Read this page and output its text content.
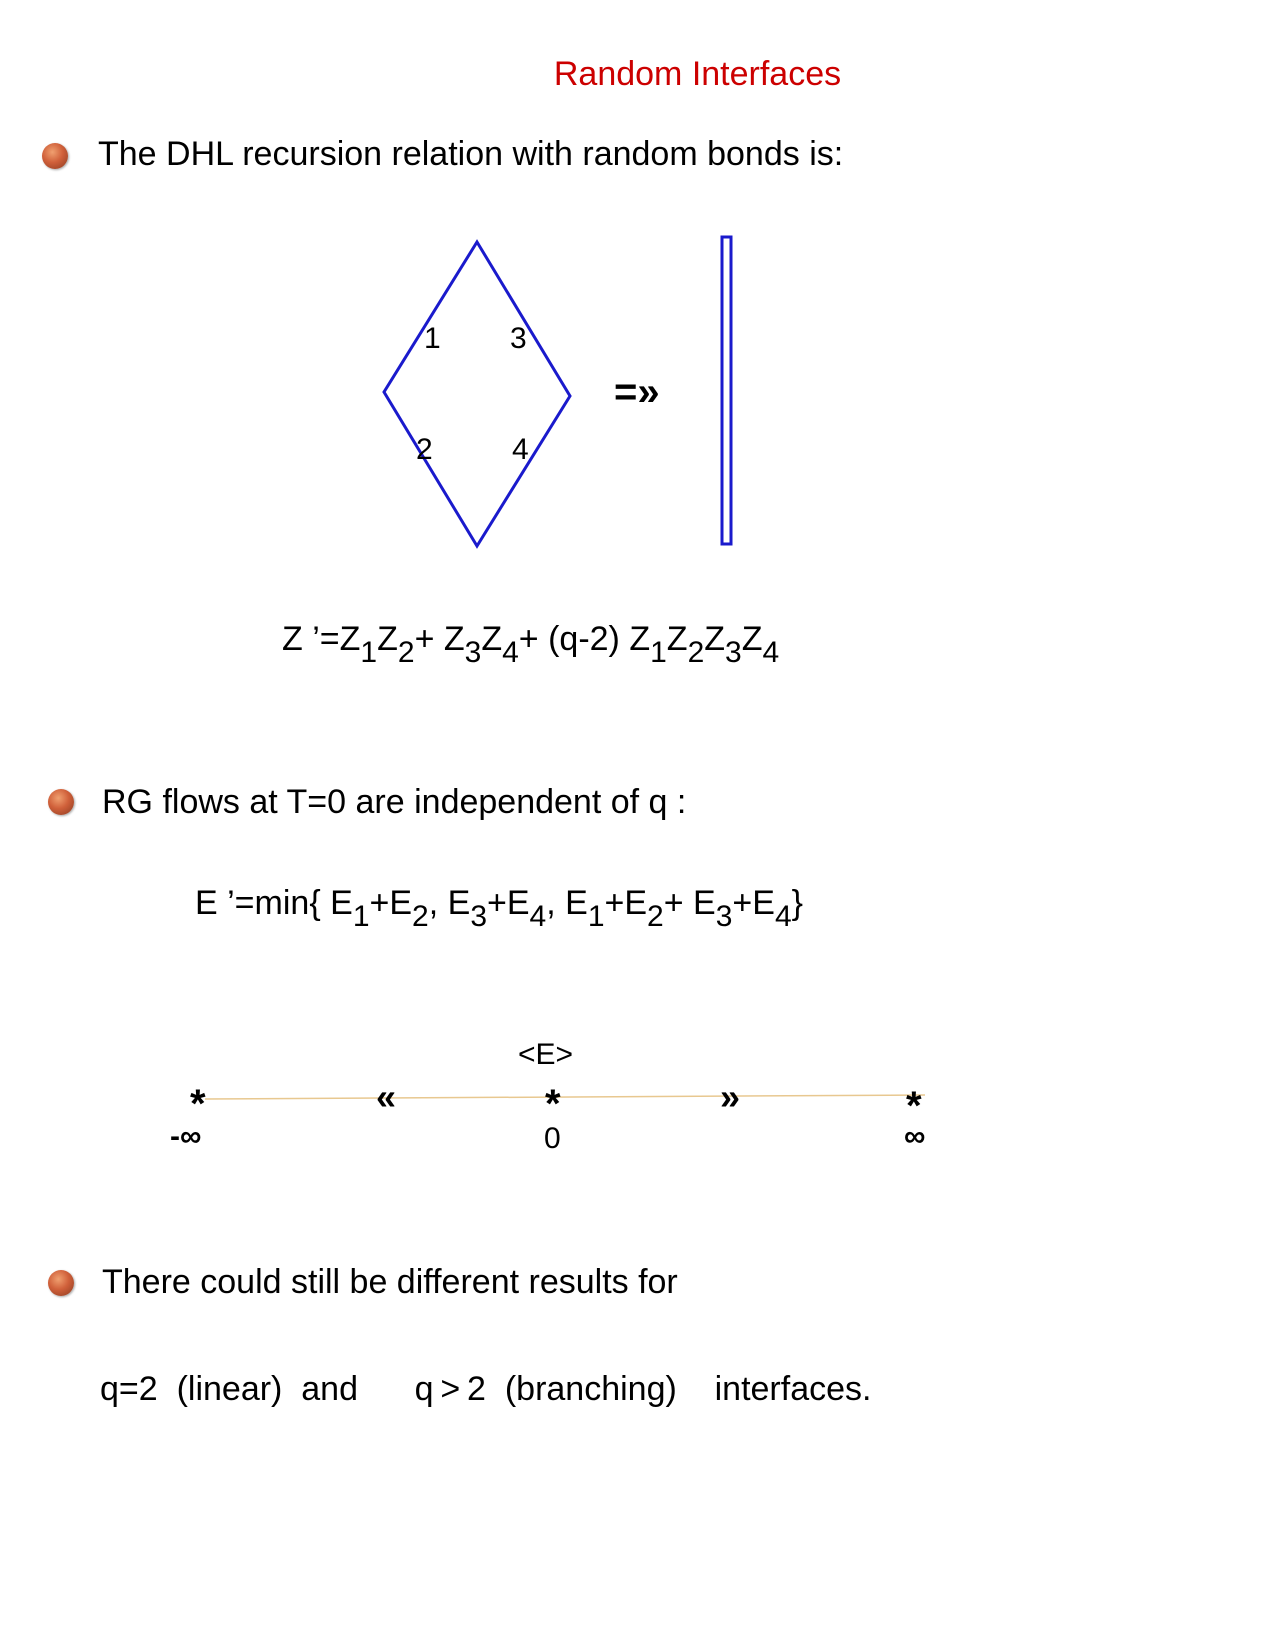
Random Interfaces
The DHL recursion relation with random bonds is:
1 3
2	4
=»
Z $’=Z_1Z_2+ Z_3Z_4+ (q-2)$ $Z_1Z_2Z_3Z_4$
RG flows at T=0 are independent of q :
E ’=min{ $E_1+E_2$, $E_3+E_4$, $E_1+E_2+ E_3+E_4$}
<E>
«	»
*
-∞
*
0
*
∞
There could still be different results for
q=2  (linear)  and      q > 2  (branching)    interfaces.
